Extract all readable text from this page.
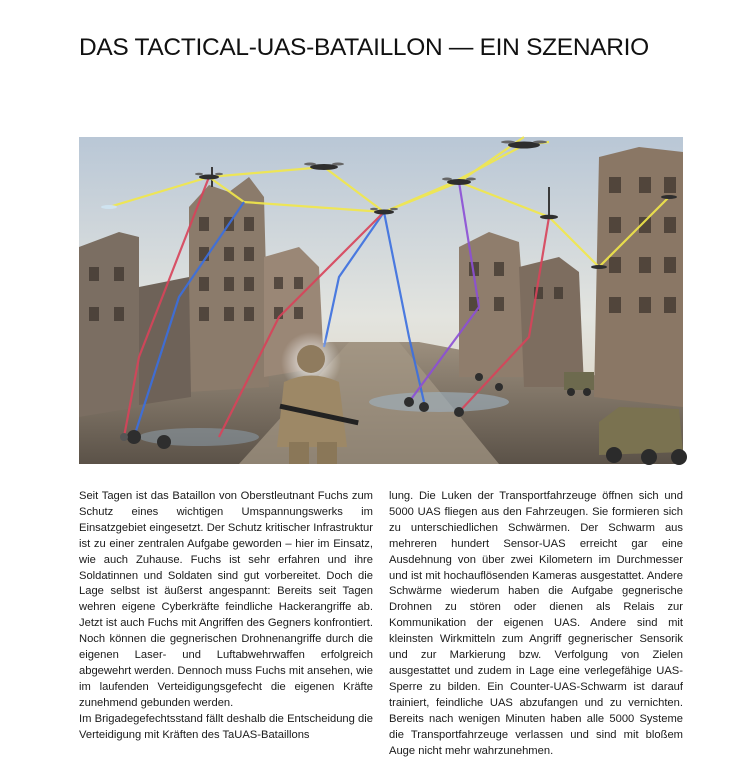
DAS TACTICAL-UAS-BATAILLON — EIN SZENARIO

Seit Tagen ist das Bataillon von Oberstleutnant Fuchs zum Schutz eines wichtigen Umspannungswerks im Einsatzgebiet eingesetzt. Der Schutz kritischer Infrastruktur ist zu einer zentralen Aufgabe geworden – hier im Einsatz, wie auch Zuhause. Fuchs ist sehr erfahren und ihre Soldatinnen und Soldaten sind gut vorbereitet. Doch die Lage selbst ist äußerst angespannt: Bereits seit Tagen wehren eigene Cyberkräfte feindliche Hackerangriffe ab. Jetzt ist auch Fuchs mit Angriffen des Gegners konfrontiert. Noch können die gegnerischen Drohnenangriffe durch die eigenen Laser- und Luftabwehrwaffen erfolgreich abgewehrt werden. Dennoch muss Fuchs mit ansehen, wie im laufenden Verteidigungsgefecht die eigenen Kräfte zunehmend gebunden werden.

Im Brigadegefechtsstand fällt deshalb die Entscheidung die Verteidigung mit Kräften des TaUAS-Bataillons

lung. Die Luken der Transportfahrzeuge öffnen sich und 5000 UAS fliegen aus den Fahrzeugen. Sie formieren sich zu unterschiedlichen Schwärmen. Der Schwarm aus mehreren hundert Sensor-UAS erreicht gar eine Ausdehnung von über zwei Kilometern im Durchmesser und ist mit hochauflösenden Kameras ausgestattet. Andere Schwärme wiederum haben die Aufgabe gegnerische Drohnen zu stören oder dienen als Relais zur Kommunikation der eigenen UAS. Andere sind mit kleinsten Wirkmitteln zum Angriff gegnerischer Sensorik und zur Markierung bzw. Verfolgung von Zielen ausgestattet und zudem in Lage eine verlegefähige UAS-Sperre zu bilden. Ein Counter-UAS-Schwarm ist darauf trainiert, feindliche UAS abzufangen und zu vernichten. Bereits nach wenigen Minuten haben alle 5000 Systeme die Transportfahrzeuge verlassen und sind mit bloßem Auge nicht mehr wahrzunehmen.
